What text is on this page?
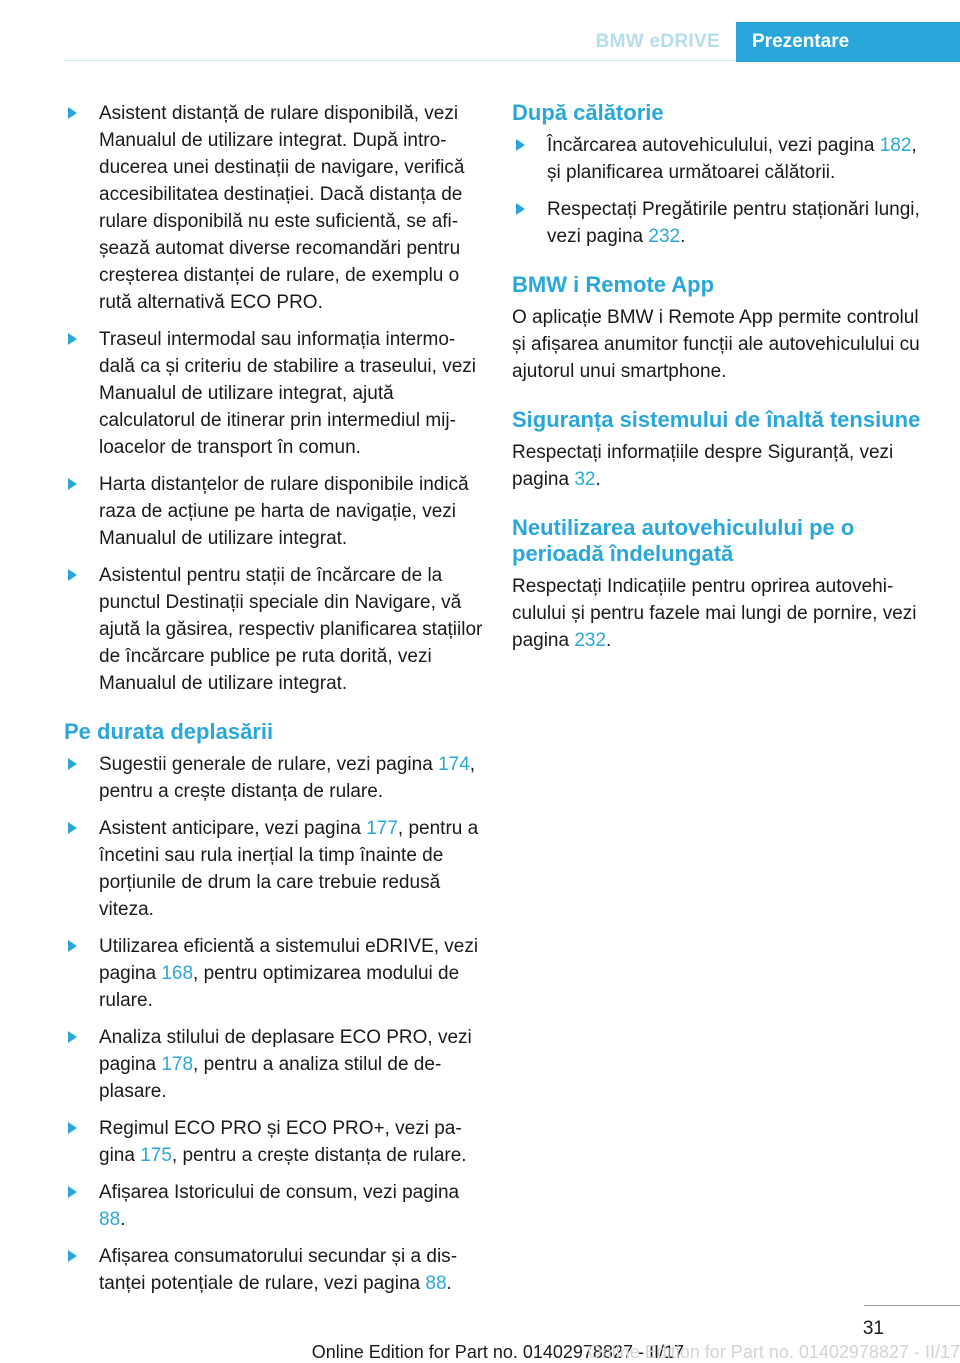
BMW eDRIVE	Prezentare
Asistent distanță de rulare disponibilă, vezi Manualul de utilizare integrat. După introducerea unei destinații de navigare, verifică accesibilitatea destinației. Dacă distanța de rulare disponibilă nu este suficientă, se afișează automat diverse recomandări pentru creșterea distanței de rulare, de exemplu o rută alternativă ECO PRO.
Traseul intermodal sau informația intermodală ca și criteriu de stabilire a traseului, vezi Manualul de utilizare integrat, ajută calculatorul de itinerar prin intermediul mijloacelor de transport în comun.
Harta distanțelor de rulare disponibile indică raza de acțiune pe harta de navigație, vezi Manualul de utilizare integrat.
Asistentul pentru stații de încărcare de la punctul Destinații speciale din Navigare, vă ajută la găsirea, respectiv planificarea stațiilor de încărcare publice pe ruta dorită, vezi Manualul de utilizare integrat.
Pe durata deplasării
Sugestii generale de rulare, vezi pagina 174, pentru a crește distanța de rulare.
Asistent anticipare, vezi pagina 177, pentru a încetini sau rula inerțial la timp înainte de porțiunile de drum la care trebuie redusă viteza.
Utilizarea eficientă a sistemului eDRIVE, vezi pagina 168, pentru optimizarea modului de rulare.
Analiza stilului de deplasare ECO PRO, vezi pagina 178, pentru a analiza stilul de deplasare.
Regimul ECO PRO și ECO PRO+, vezi pagina 175, pentru a crește distanța de rulare.
Afișarea Istoricului de consum, vezi pagina 88.
Afișarea consumatorului secundar și a distanței potențiale de rulare, vezi pagina 88.
După călătorie
Încărcarea autovehiculului, vezi pagina 182, și planificarea următoarei călătorii.
Respectați Pregătirile pentru staționări lungi, vezi pagina 232.
BMW i Remote App

O aplicație BMW i Remote App permite controlul și afișarea anumitor funcții ale autovehiculului cu ajutorul unui smartphone.

Siguranța sistemului de înaltă tensiune

Respectați informațiile despre Siguranță, vezi pagina 32.

Neutilizarea autovehiculului pe o perioadă îndelungată

Respectați Indicațiile pentru oprirea autovehiculului și pentru fazele mai lungi de pornire, vezi pagina 232.

31
Online Edition for Part no. 01402978827 - II/17
Online Edition for Part no. 01402978827 - II/17
